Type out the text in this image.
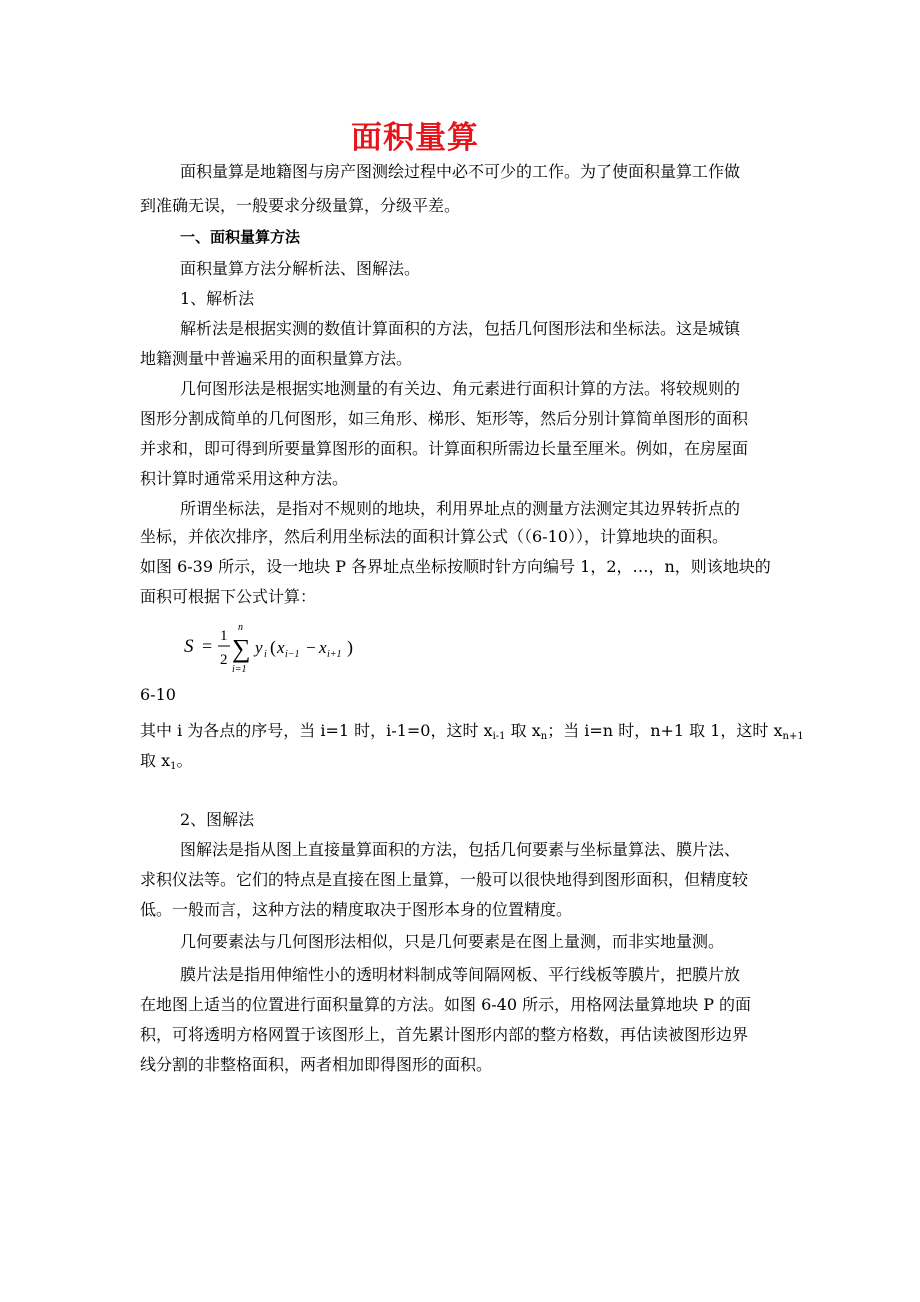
面积量算

面积量算是地籍图与房产图测绘过程中必不可少的工作。为了使面积量算工作做

到准确无误，一般要求分级量算，分级平差。

一、面积量算方法

面积量算方法分解析法、图解法。

1、解析法

解析法是根据实测的数值计算面积的方法，包括几何图形法和坐标法。这是城镇

地籍测量中普遍采用的面积量算方法。

几何图形法是根据实地测量的有关边、角元素进行面积计算的方法。将较规则的

图形分割成简单的几何图形，如三角形、梯形、矩形等，然后分别计算简单图形的面积

并求和，即可得到所要量算图形的面积。计算面积所需边长量至厘米。例如，在房屋面

积计算时通常采用这种方法。

所谓坐标法，是指对不规则的地块，利用界址点的测量方法测定其边界转折点的

坐标，并依次排序，然后利用坐标法的面积计算公式（（6-10）），计算地块的面积。

如图 6-39 所示，设一地块 P 各界址点坐标按顺时针方向编号 1，2，…，n，则该地块的

面积可根据下公式计算：

S = 1
2
n
∑
i=1
y i ( x i−1 − x i+1 )

6-10

其中 i 为各点的序号，当 i=1 时，i-1=0，这时 $x_{i-1}$ 取 $x_n$；当 i=n 时，n+1 取 1，这时 $x_{n+1}$

取 $x_1$。

2、图解法

图解法是指从图上直接量算面积的方法，包括几何要素与坐标量算法、膜片法、

求积仪法等。它们的特点是直接在图上量算，一般可以很快地得到图形面积，但精度较

低。一般而言，这种方法的精度取决于图形本身的位置精度。

几何要素法与几何图形法相似，只是几何要素是在图上量测，而非实地量测。

膜片法是指用伸缩性小的透明材料制成等间隔网板、平行线板等膜片，把膜片放

在地图上适当的位置进行面积量算的方法。如图 6-40 所示，用格网法量算地块 P 的面

积，可将透明方格网置于该图形上，首先累计图形内部的整方格数，再估读被图形边界

线分割的非整格面积，两者相加即得图形的面积。
